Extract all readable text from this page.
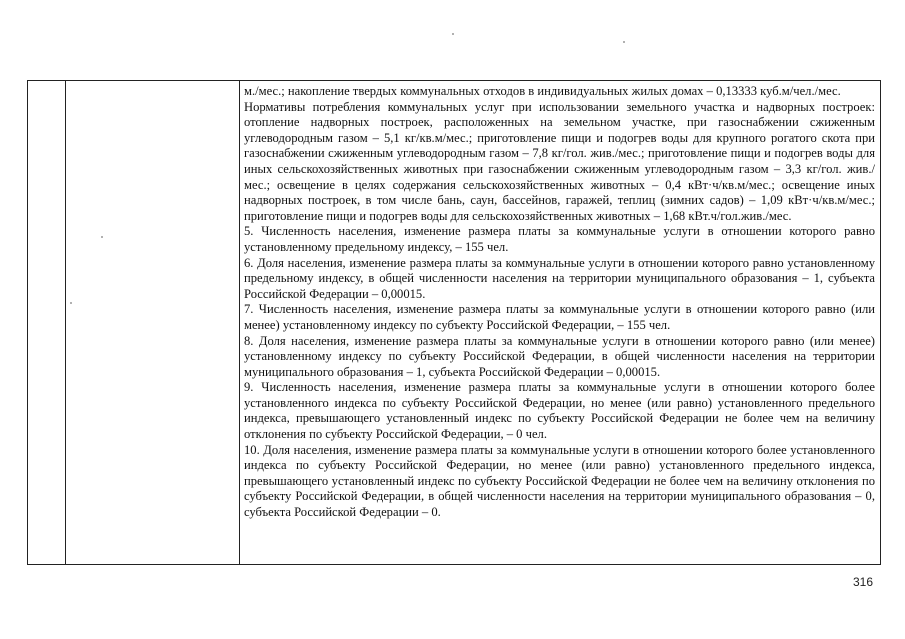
м./мес.; накопление твердых коммунальных отходов в индивидуальных жилых домах – 0,13333 куб.м/чел./мес.

Нормативы потребления коммунальных услуг при использовании земельного участка и надворных построек: отопление надворных построек, расположенных на земельном участке, при газоснабжении сжиженным углеводородным газом – 5,1 кг/кв.м/мес.; приготовление пищи и подогрев воды для крупного рогатого скота при газоснабжении сжиженным углеводородным газом – 7,8 кг/гол. жив./мес.; приготовление пищи и подогрев воды для иных сельскохозяйственных животных при газоснабжении сжиженным углеводородным газом – 3,3 кг/гол. жив./мес.; освещение в целях содержания сельскохозяйственных животных – 0,4 кВт·ч/кв.м/мес.; освещение иных надворных построек, в том числе бань, саун, бассейнов, гаражей, теплиц (зимних садов) – 1,09 кВт·ч/кв.м/мес.; приготовление пищи и подогрев воды для сельскохозяйственных животных – 1,68 кВт.ч/гол.жив./мес.

5. Численность населения, изменение размера платы за коммунальные услуги в отношении которого равно установленному предельному индексу, – 155 чел.

6. Доля населения, изменение размера платы за коммунальные услуги в отношении которого равно установленному предельному индексу, в общей численности населения на территории муниципального образования – 1, субъекта Российской Федерации – 0,00015.

7. Численность населения, изменение размера платы за коммунальные услуги в отношении которого равно (или менее) установленному индексу по субъекту Российской Федерации, – 155 чел.

8. Доля населения, изменение размера платы за коммунальные услуги в отношении которого равно (или менее) установленному индексу по субъекту Российской Федерации, в общей численности населения на территории муниципального образования – 1, субъекта Российской Федерации – 0,00015.

9. Численность населения, изменение размера платы за коммунальные услуги в отношении которого более установленного индекса по субъекту Российской Федерации, но менее (или равно) установленного предельного индекса, превышающего установленный индекс по субъекту Российской Федерации не более чем на величину отклонения по субъекту Российской Федерации, – 0 чел.

10. Доля населения, изменение размера платы за коммунальные услуги в отношении которого более установленного индекса по субъекту Российской Федерации, но менее (или равно) установленного предельного индекса, превышающего установленный индекс по субъекту Российской Федерации не более чем на величину отклонения по субъекту Российской Федерации, в общей численности населения на территории муниципального образования – 0, субъекта Российской Федерации – 0.

316
